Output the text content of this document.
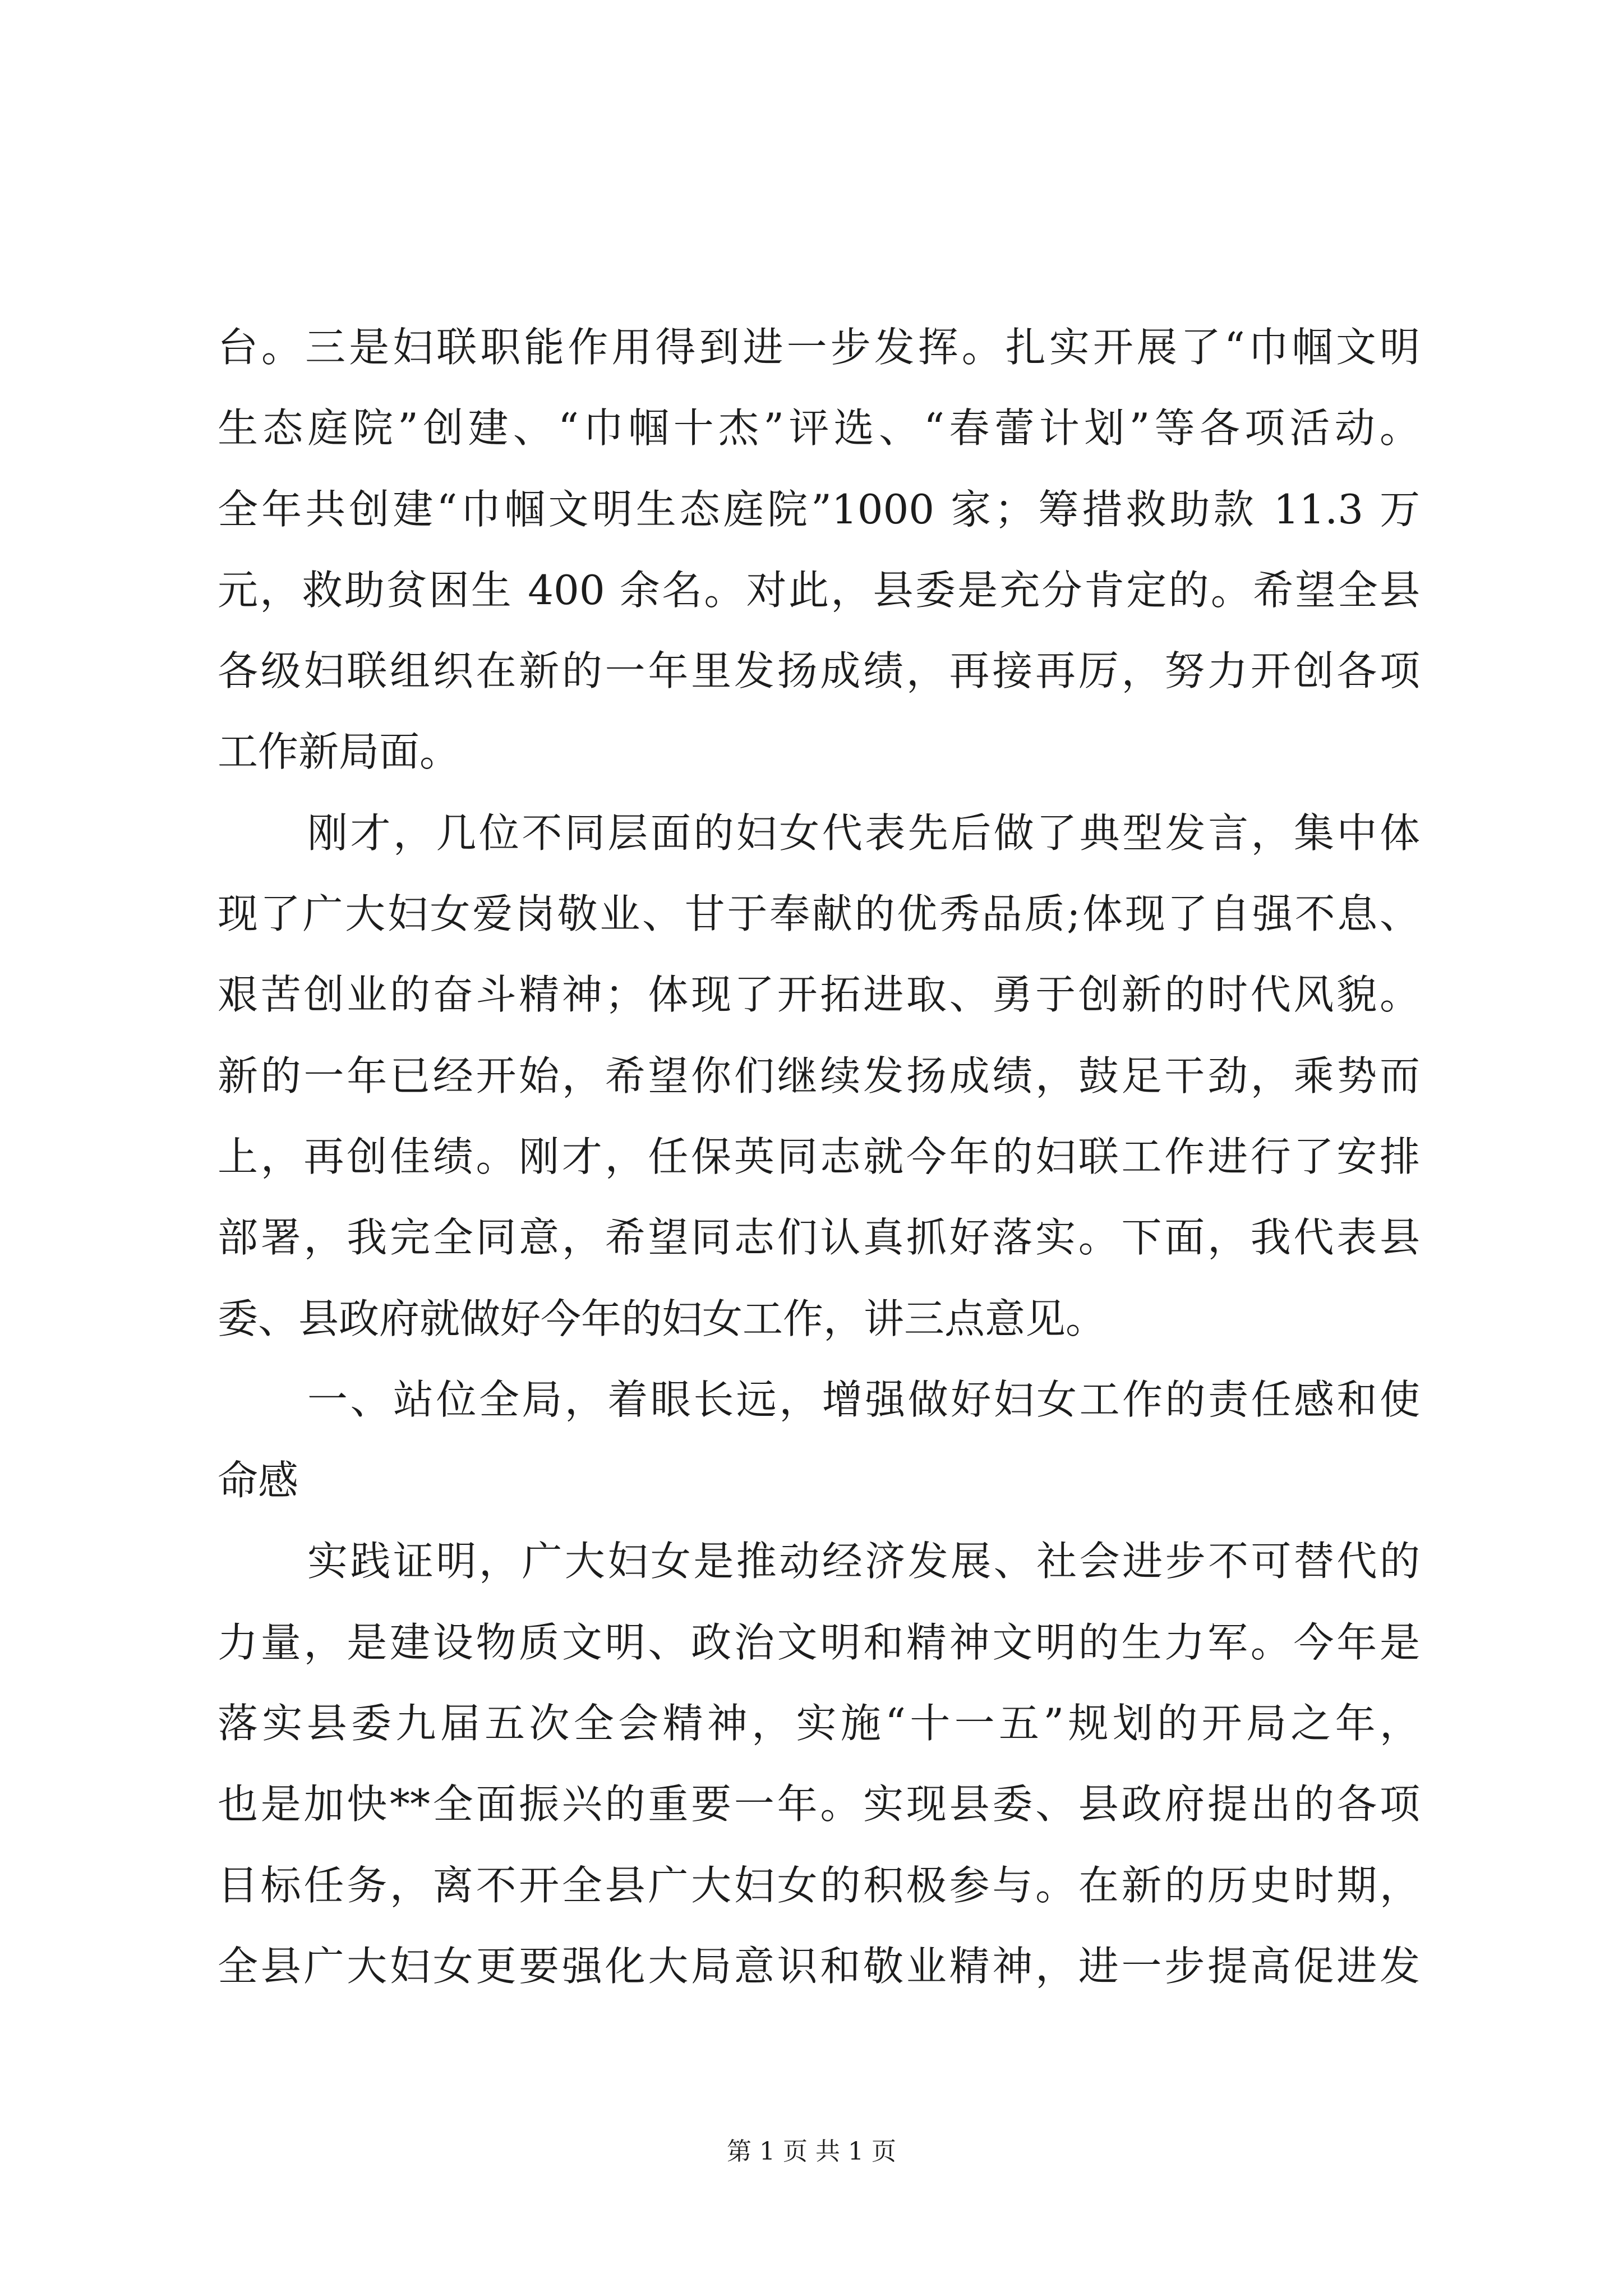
台。三是妇联职能作用得到进一步发挥。扎实开展了“巾帼文明
生态庭院”创建、“巾帼十杰”评选、“春蕾计划”等各项活动。
全年共创建“巾帼文明生态庭院”1000 家；筹措救助款 11.3 万
元，救助贫困生 400 余名。对此，县委是充分肯定的。希望全县
各级妇联组织在新的一年里发扬成绩，再接再厉，努力开创各项
工作新局面。
刚才，几位不同层面的妇女代表先后做了典型发言，集中体
现了广大妇女爱岗敬业、甘于奉献的优秀品质;体现了自强不息、
艰苦创业的奋斗精神；体现了开拓进取、勇于创新的时代风貌。
新的一年已经开始，希望你们继续发扬成绩，鼓足干劲，乘势而
上，再创佳绩。刚才，任保英同志就今年的妇联工作进行了安排
部署，我完全同意，希望同志们认真抓好落实。下面，我代表县
委、县政府就做好今年的妇女工作，讲三点意见。
一、站位全局，着眼长远，增强做好妇女工作的责任感和使
命感
实践证明，广大妇女是推动经济发展、社会进步不可替代的
力量，是建设物质文明、政治文明和精神文明的生力军。今年是
落实县委九届五次全会精神，实施“十一五”规划的开局之年，
也是加快**全面振兴的重要一年。实现县委、县政府提出的各项
目标任务，离不开全县广大妇女的积极参与。在新的历史时期，
全县广大妇女更要强化大局意识和敬业精神，进一步提高促进发
第 1 页 共 1 页
